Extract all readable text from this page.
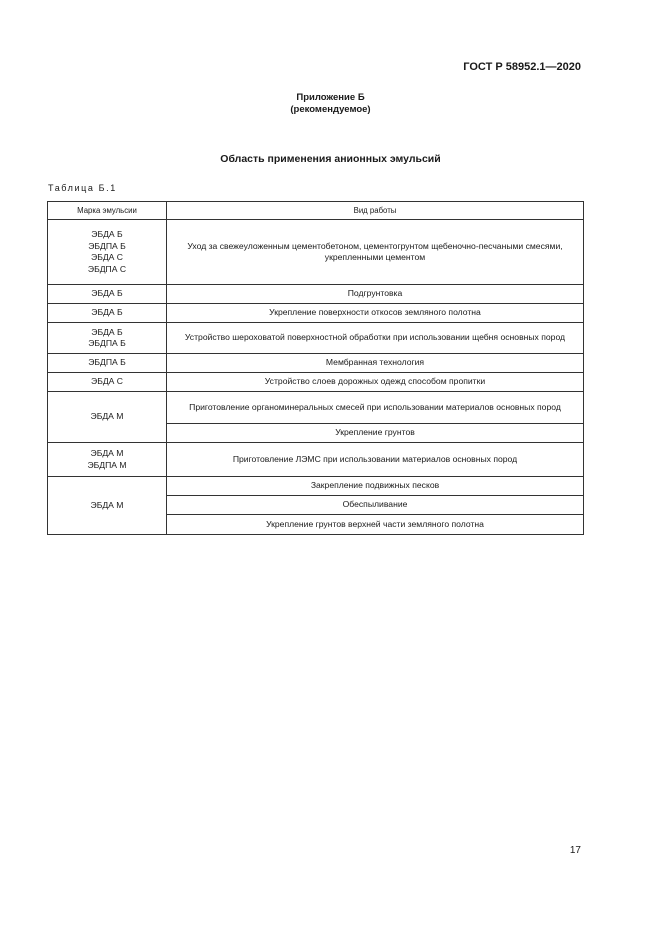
ГОСТ Р 58952.1—2020
Приложение Б
(рекомендуемое)
Область применения анионных эмульсий
Таблица Б.1
Марка эмульсии	Вид работы

ЭБДА Б
ЭБДПА Б
ЭБДА С
ЭБДПА С	Уход за свежеуложенным цементобетоном, цементогрунтом щебеночно-песчаными смесями, укрепленными цементом

ЭБДА Б	Подгрунтовка

ЭБДА Б	Укрепление поверхности откосов земляного полотна

ЭБДА Б
ЭБДПА Б	Устройство шероховатой поверхностной обработки при использовании щебня основных пород

ЭБДПА Б	Мембранная технология

ЭБДА С	Устройство слоев дорожных одежд способом пропитки

ЭБДА М	Приготовление органоминеральных смесей при использовании материалов основных пород
	Укрепление грунтов

ЭБДА М
ЭБДПА М	Приготовление ЛЭМС при использовании материалов основных пород

ЭБДА М	Закрепление подвижных песков
	Обеспыливание
	Укрепление грунтов верхней части земляного полотна
17
